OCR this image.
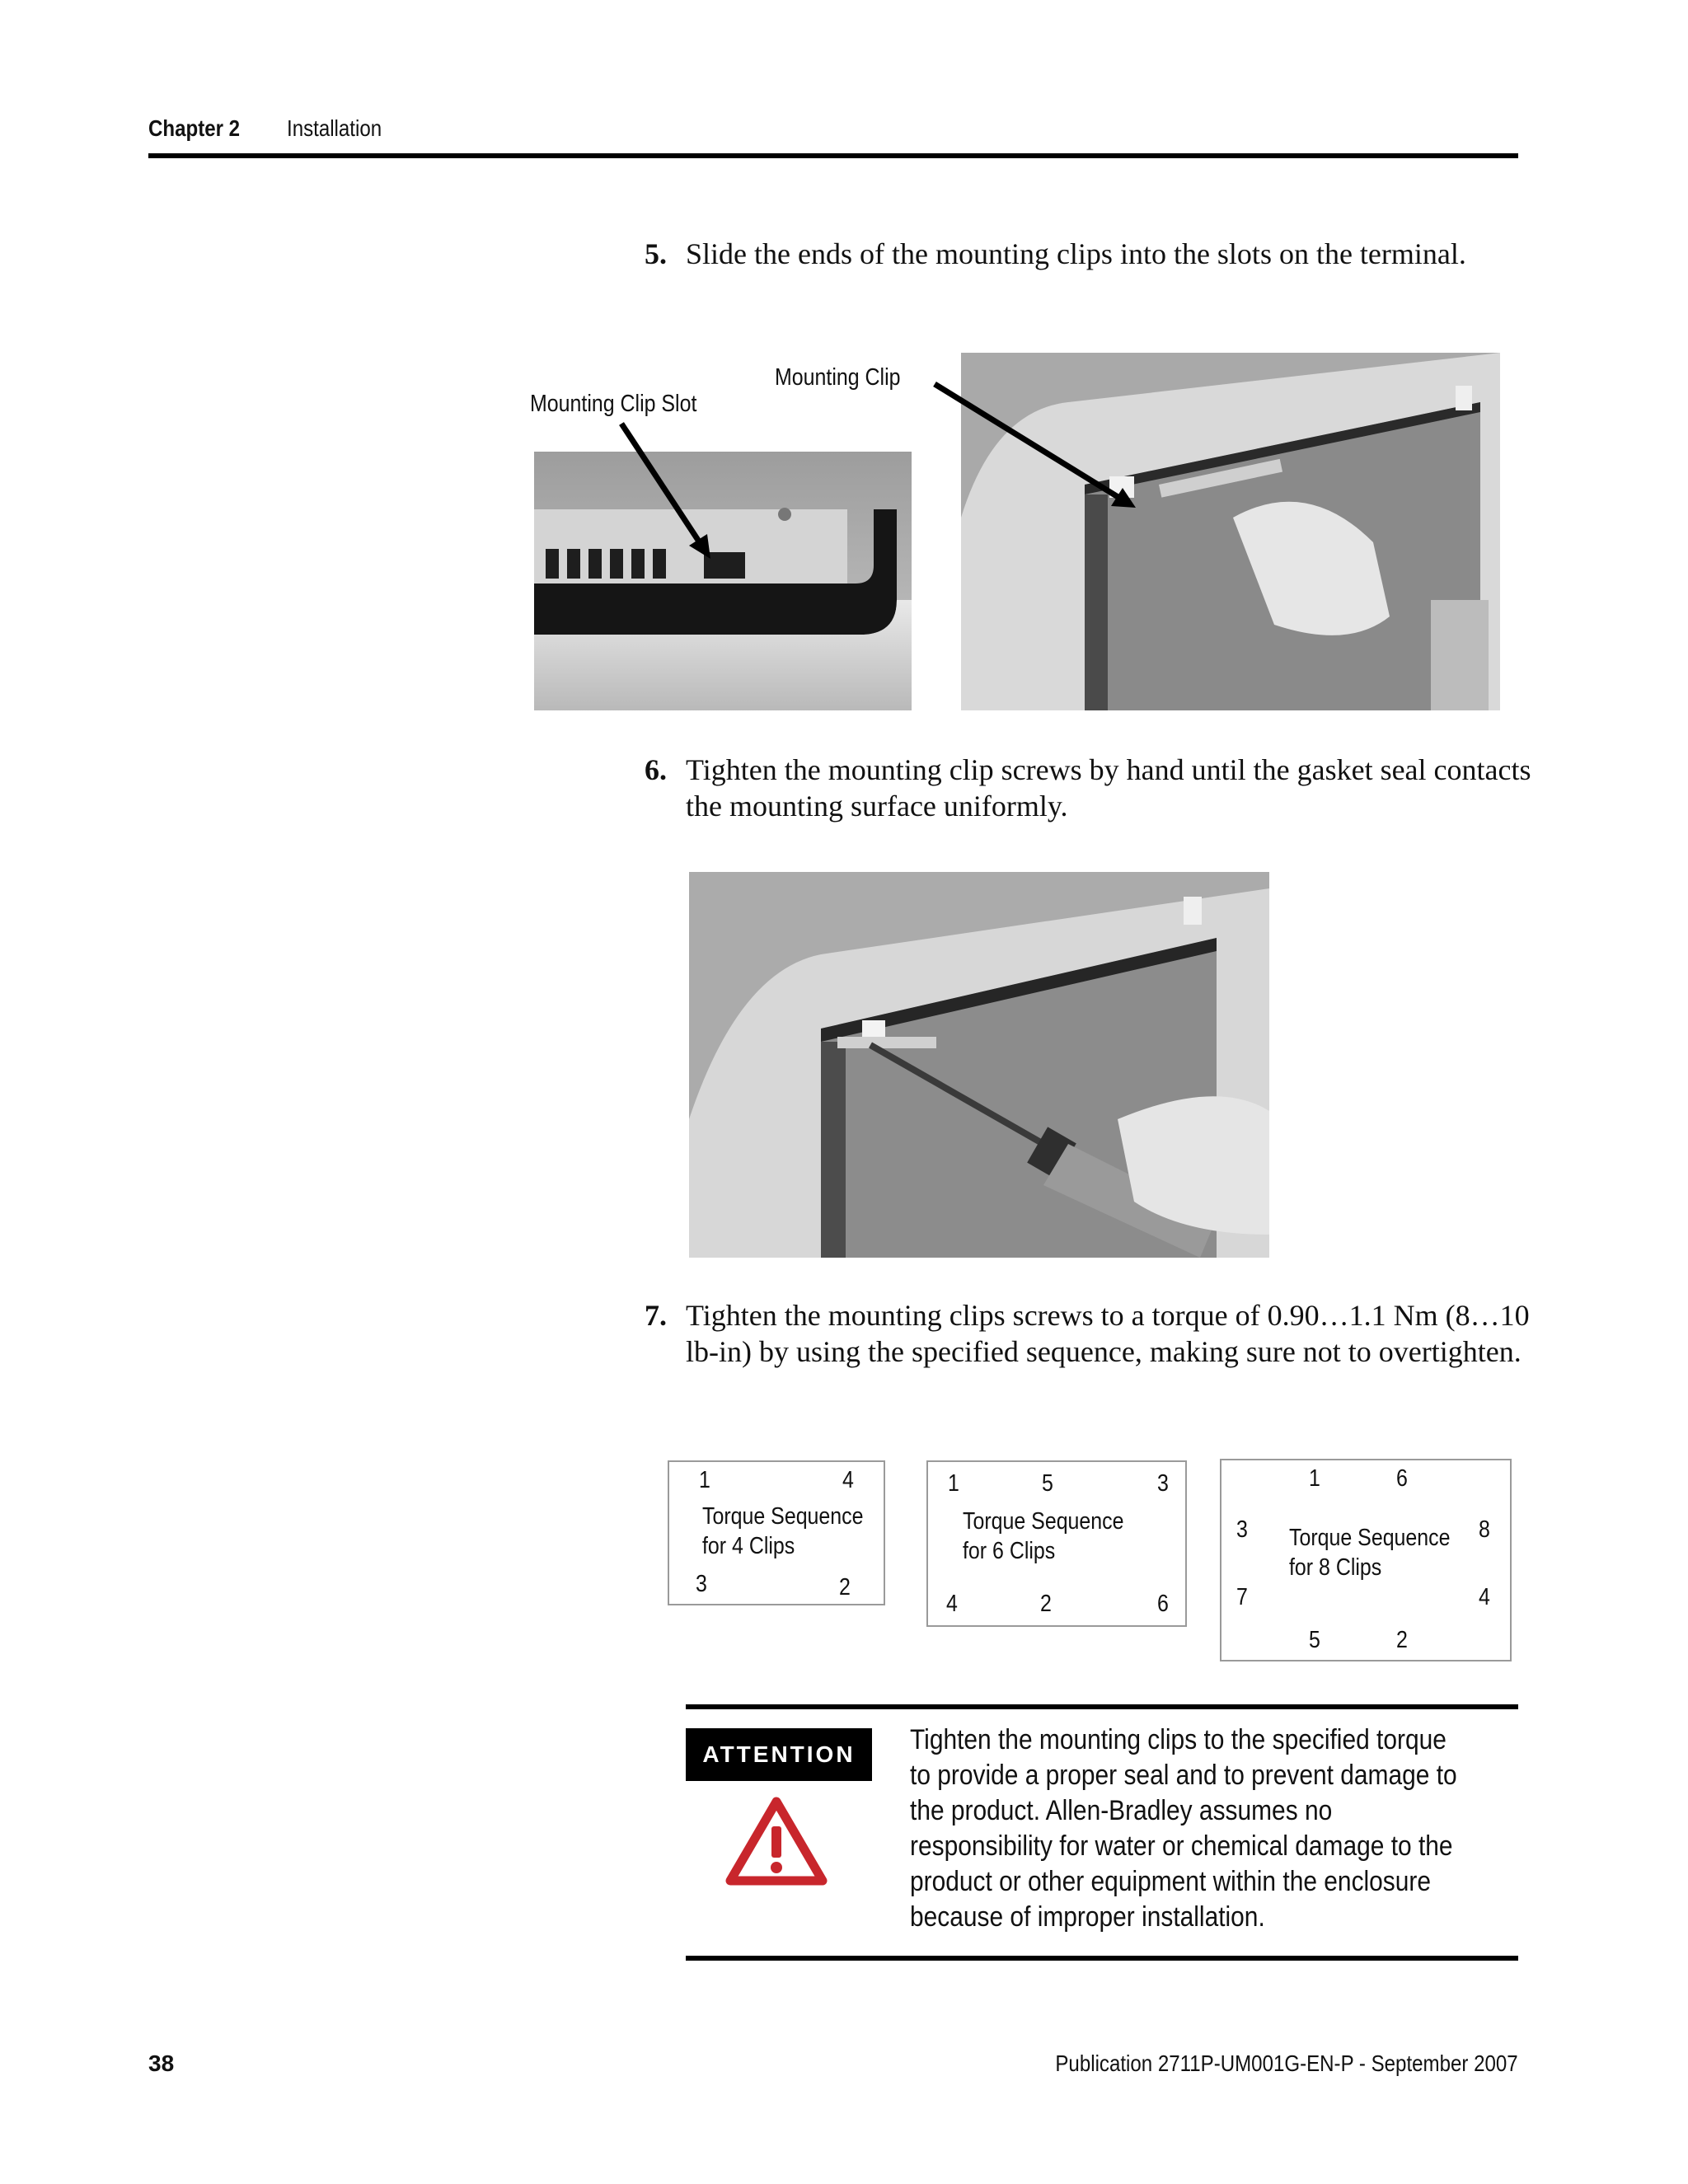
Chapter 2 Installation
5. Slide the ends of the mounting clips into the slots on the terminal.
Mounting Clip Slot
Mounting Clip
6. Tighten the mounting clip screws by hand until the gasket seal contacts the mounting surface uniformly.
7. Tighten the mounting clips screws to a torque of 0.90…1.1 Nm (8…10 lb-in) by using the specified sequence, making sure not to overtighten.
1	4
Torque Sequence
for 4 Clips
3	2
1	5	3
Torque Sequence
for 6 Clips
4	2	6
1	6
3	8
Torque Sequence
for 8 Clips
7	4
5	2
ATTENTION	Tighten the mounting clips to the specified torque to provide a proper seal and to prevent damage to the product. Allen-Bradley assumes no responsibility for water or chemical damage to the product or other equipment within the enclosure because of improper installation.
38	Publication 2711P-UM001G-EN-P - September 2007
